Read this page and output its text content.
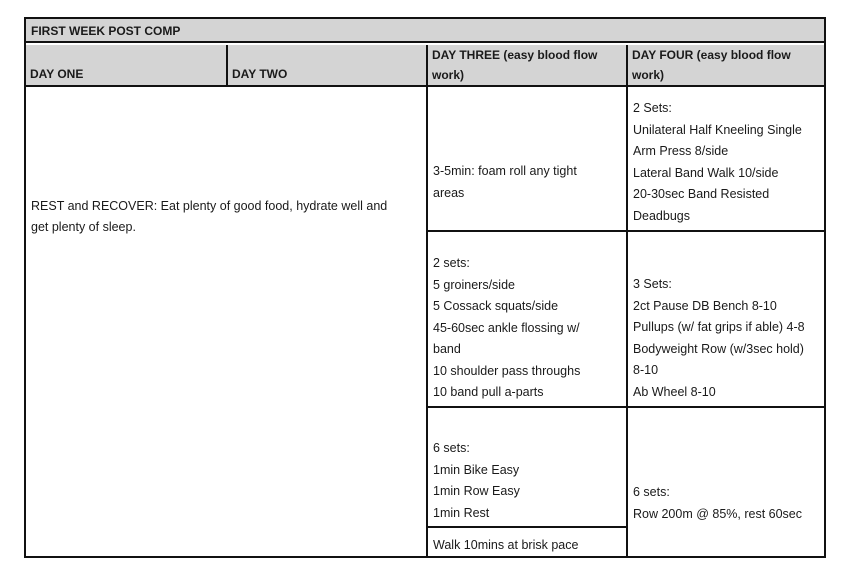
FIRST WEEK POST COMP
DAY ONE	DAY TWO
DAY THREE (easy blood flow
work)
DAY FOUR (easy blood flow
work)
REST and RECOVER: Eat plenty of good food, hydrate well and
get plenty of sleep.
3-5min: foam roll any tight
areas
2 sets:
5 groiners/side
5 Cossack squats/side
45-60sec ankle flossing w/
band
10 shoulder pass throughs
10 band pull a-parts
6 sets:
1min Bike Easy
1min Row Easy
1min Rest
Walk 10mins at brisk pace
2 Sets:
Unilateral Half Kneeling Single
Arm Press 8/side
Lateral Band Walk 10/side
20-30sec Band Resisted
Deadbugs
3 Sets:
2ct Pause DB Bench 8-10
Pullups (w/ fat grips if able) 4-8
Bodyweight Row (w/3sec hold)
8-10
Ab Wheel 8-10
6 sets:
Row 200m @ 85%, rest 60sec
